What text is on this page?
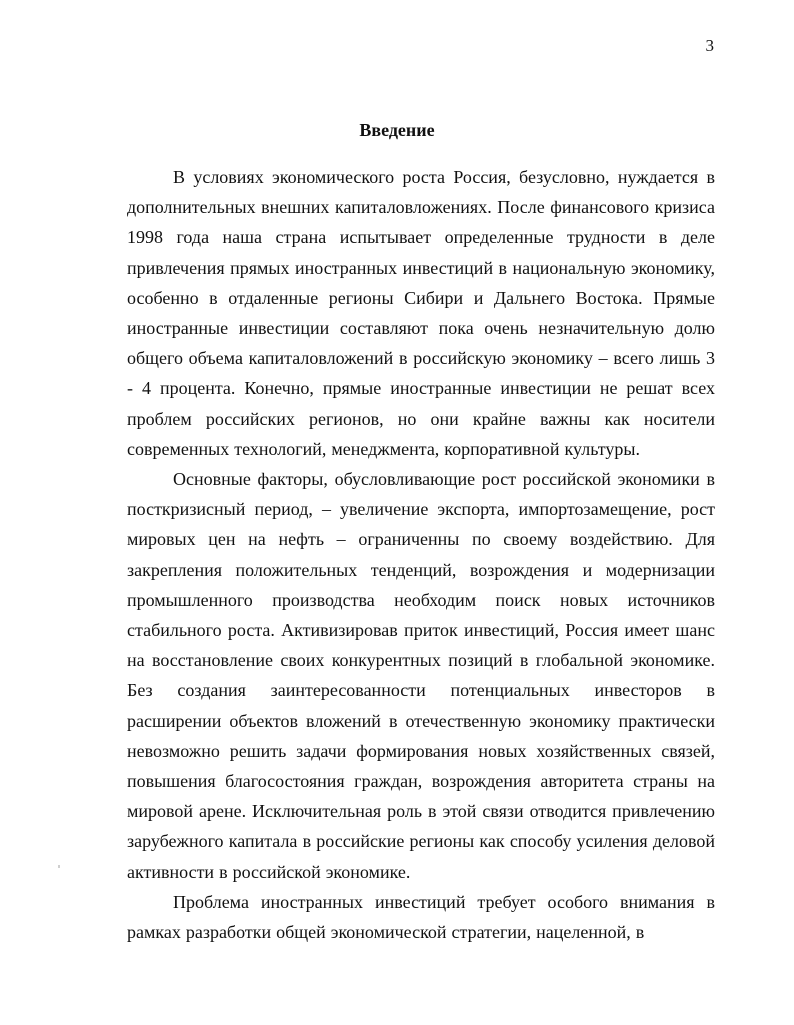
3
Введение

В условиях экономического роста Россия, безусловно, нуждается в дополнительных внешних капиталовложениях. После финансового кризиса 1998 года наша страна испытывает определенные трудности в деле привлечения прямых иностранных инвестиций в национальную экономику, особенно в отдаленные регионы Сибири и Дальнего Востока. Прямые иностранные инвестиции составляют пока очень незначительную долю общего объема капиталовложений в российскую экономику – всего лишь 3 - 4 процента. Конечно, прямые иностранные инвестиции не решат всех проблем российских регионов, но они крайне важны как носители современных технологий, менеджмента, корпоративной культуры.

Основные факторы, обусловливающие рост российской экономики в посткризисный период, – увеличение экспорта, импортозамещение, рост мировых цен на нефть – ограниченны по своему воздействию. Для закрепления положительных тенденций, возрождения и модернизации промышленного производства необходим поиск новых источников стабильного роста. Активизировав приток инвестиций, Россия имеет шанс на восстановление своих конкурентных позиций в глобальной экономике. Без создания заинтересованности потенциальных инвесторов в расширении объектов вложений в отечественную экономику практически невозможно решить задачи формирования новых хозяйственных связей, повышения благосостояния граждан, возрождения авторитета страны на мировой арене. Исключительная роль в этой связи отводится привлечению зарубежного капитала в российские регионы как способу усиления деловой активности в российской экономике.

Проблема иностранных инвестиций требует особого внимания в рамках разработки общей экономической стратегии, нацеленной, в
